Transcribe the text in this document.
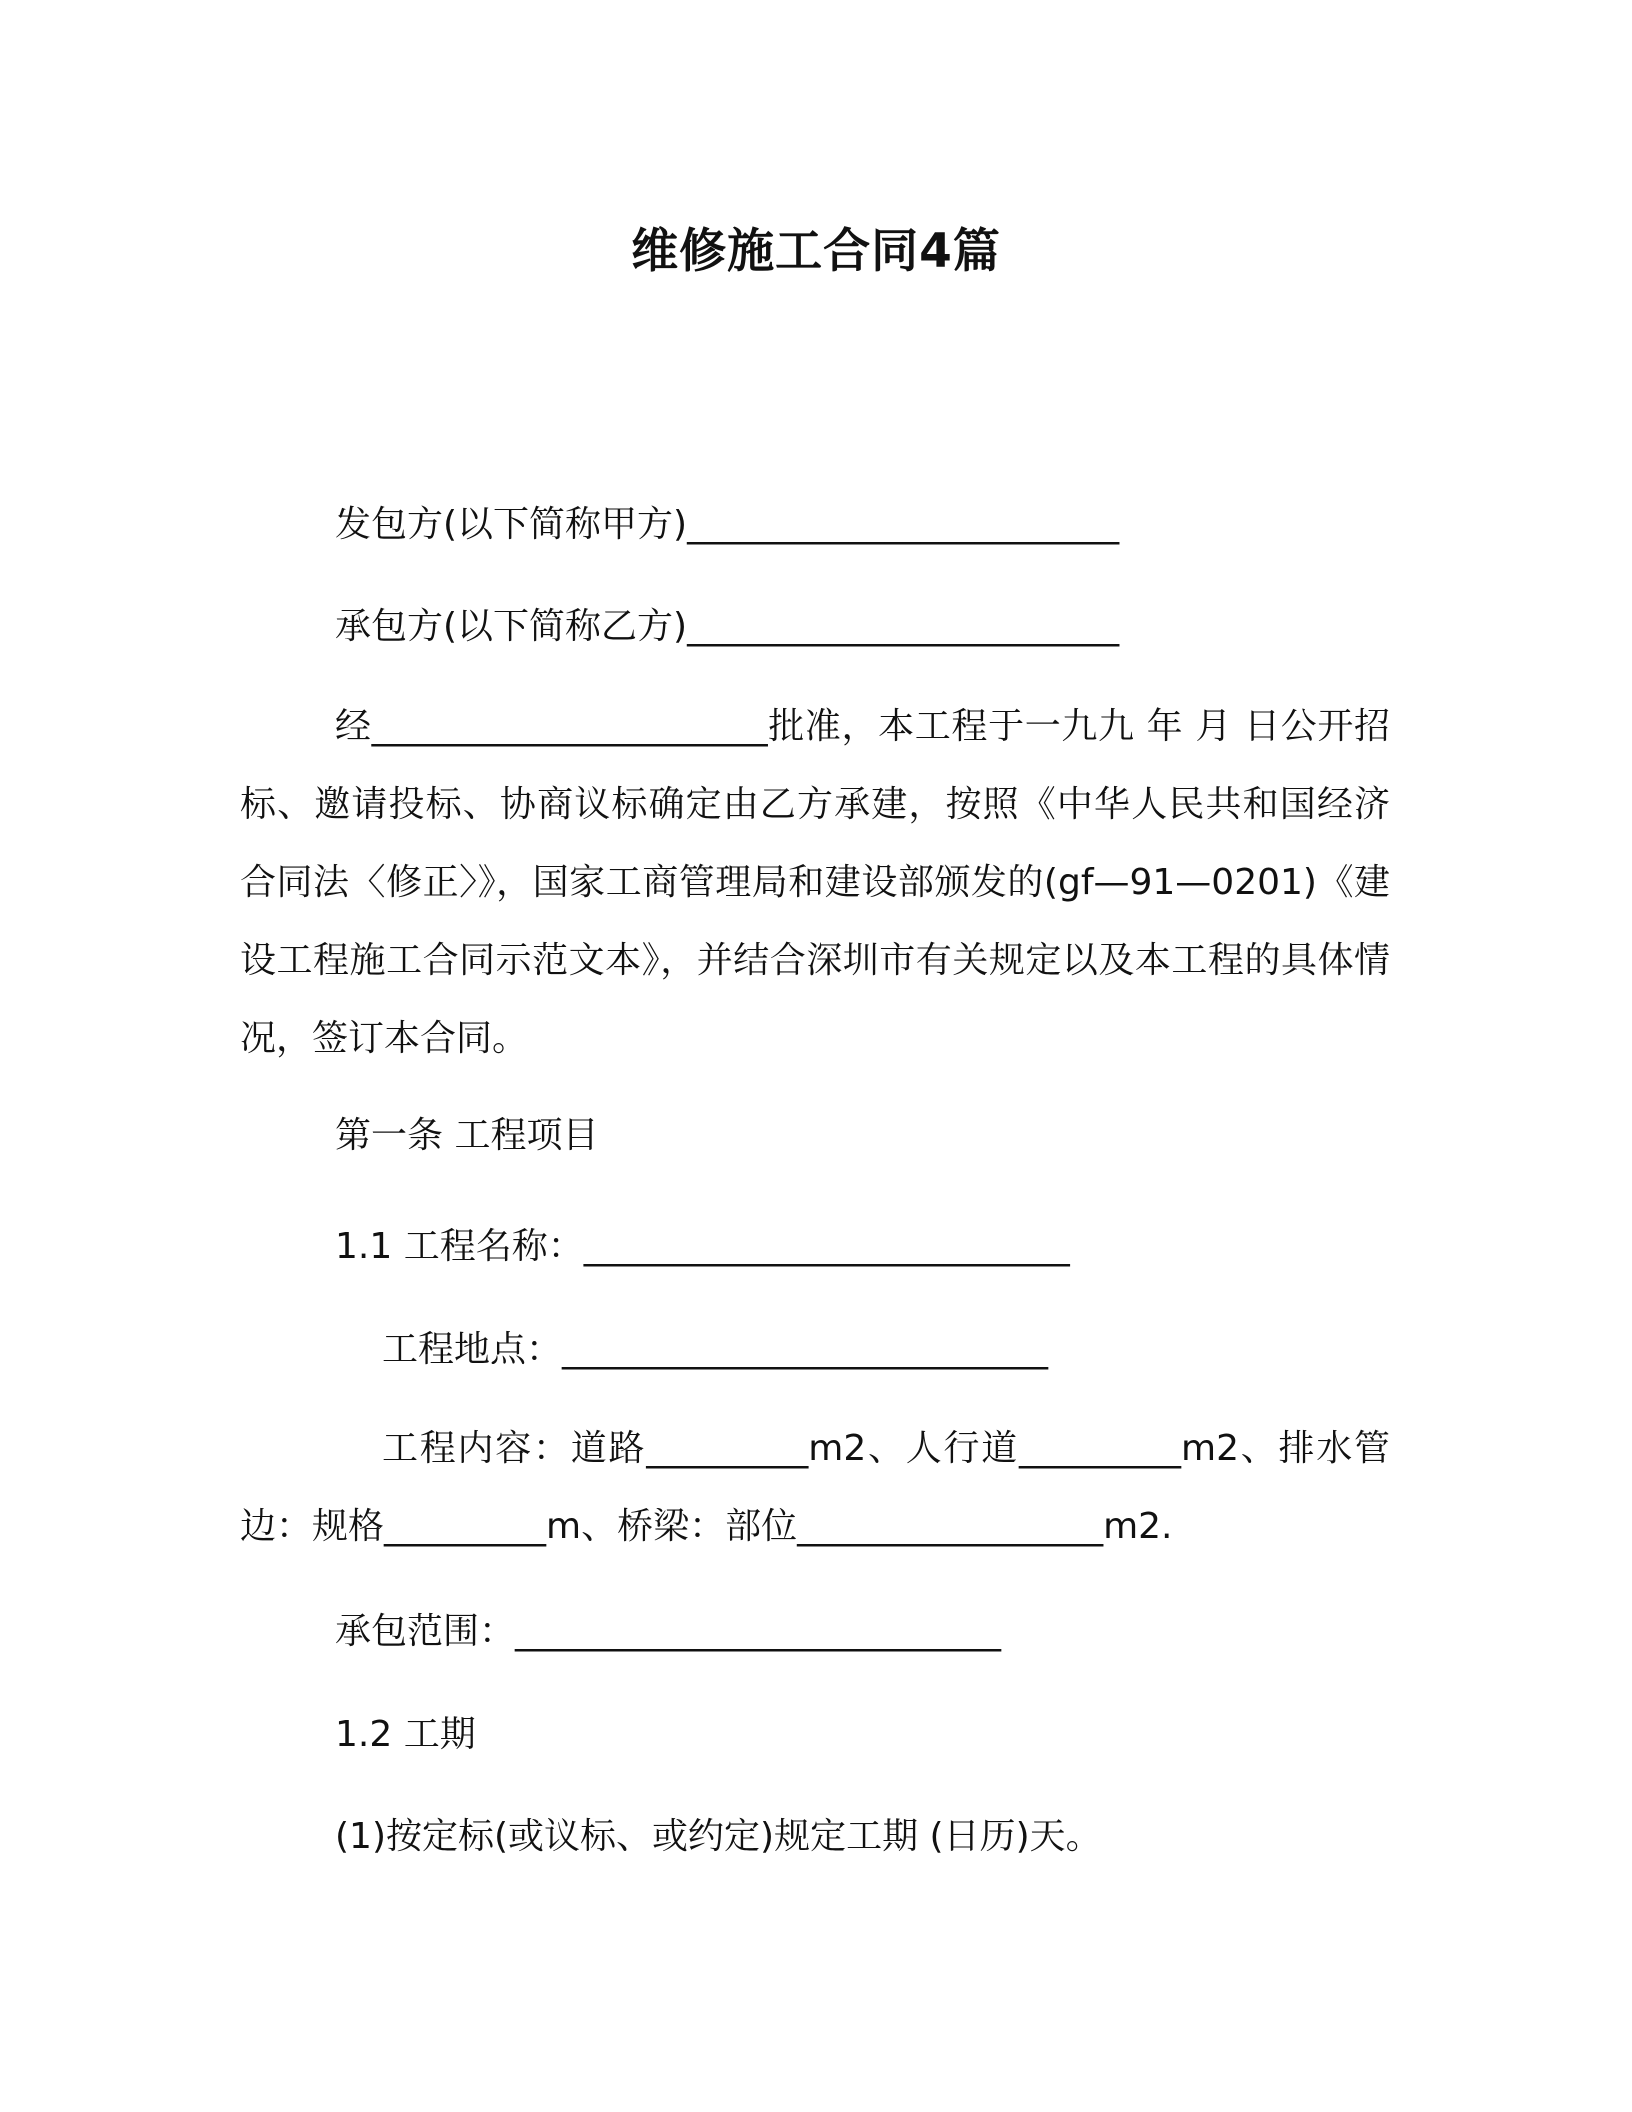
维修施工合同4篇
发包方(以下简称甲方)________________________
承包方(以下简称乙方)________________________
经______________________批准，本工程于一九九 年 月 日公开招标、邀请投标、协商议标确定由乙方承建，按照《中华人民共和国经济合同法〈修正〉》，国家工商管理局和建设部颁发的(gf—91—0201)《建设工程施工合同示范文本》，并结合深圳市有关规定以及本工程的具体情况，签订本合同。
第一条 工程项目
1.1 工程名称：___________________________
工程地点：___________________________
工程内容：道路_________m2、人行道_________m2、排水管边：规格_________m、桥梁：部位_________________m2.
承包范围：___________________________
1.2 工期
(1)按定标(或议标、或约定)规定工期 (日历)天。
